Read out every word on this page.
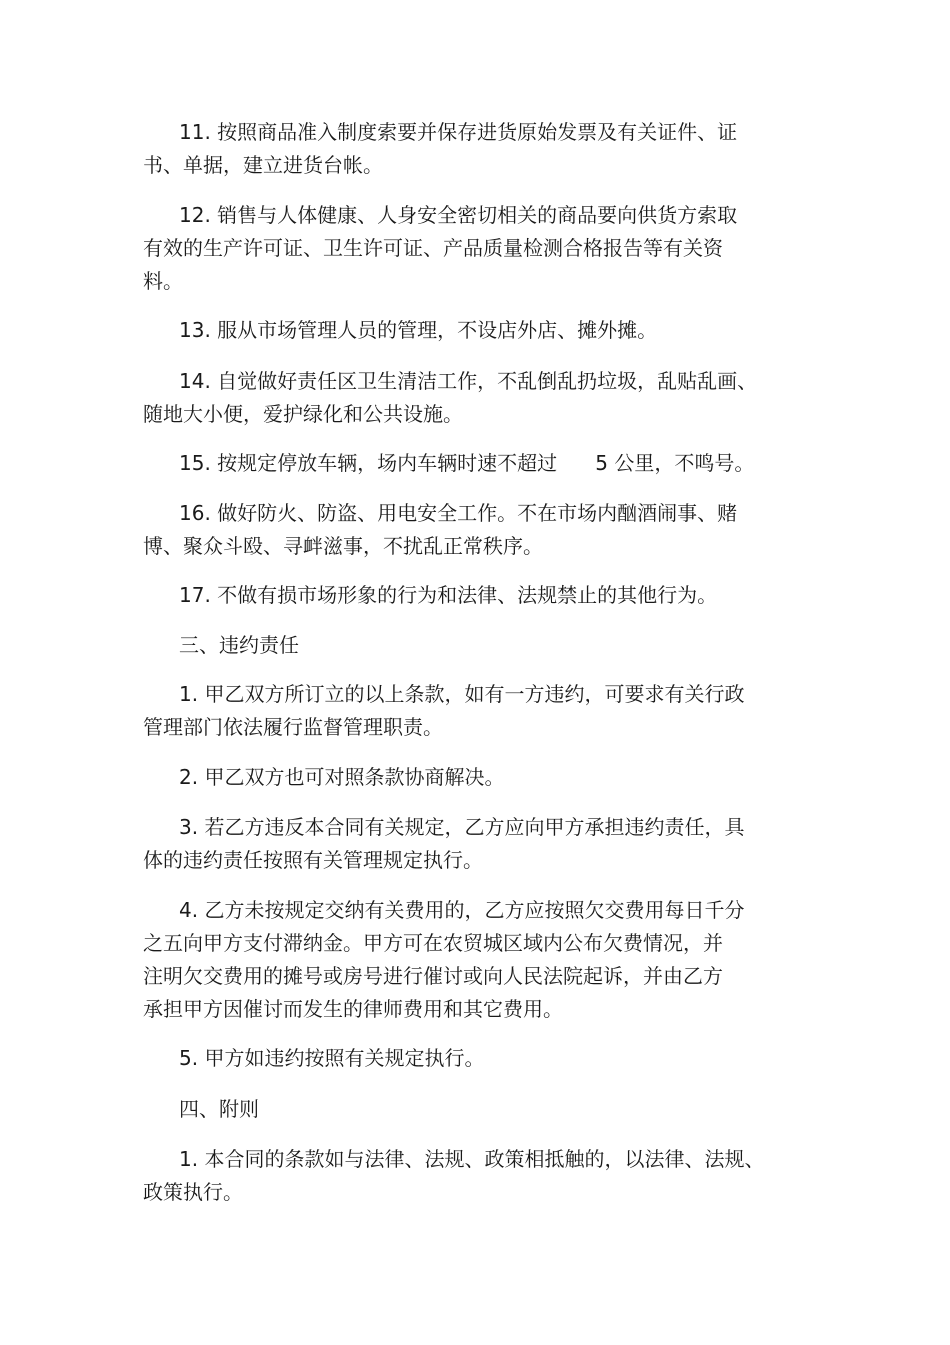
11. 按照商品准入制度索要并保存进货原始发票及有关证件、证
书、单据，建立进货台帐。

12. 销售与人体健康、人身安全密切相关的商品要向供货方索取
有效的生产许可证、卫生许可证、产品质量检测合格报告等有关资
料。

13. 服从市场管理人员的管理，不设店外店、摊外摊。

14. 自觉做好责任区卫生清洁工作，不乱倒乱扔垃圾，乱贴乱画、
随地大小便，爱护绿化和公共设施。

15. 按规定停放车辆，场内车辆时速不超过      5 公里，不鸣号。

16. 做好防火、防盗、用电安全工作。不在市场内酗酒闹事、赌
博、聚众斗殴、寻衅滋事，不扰乱正常秩序。

17. 不做有损市场形象的行为和法律、法规禁止的其他行为。

三、违约责任

1. 甲乙双方所订立的以上条款，如有一方违约，可要求有关行政
管理部门依法履行监督管理职责。

2. 甲乙双方也可对照条款协商解决。

3. 若乙方违反本合同有关规定，乙方应向甲方承担违约责任，具
体的违约责任按照有关管理规定执行。

4. 乙方未按规定交纳有关费用的，乙方应按照欠交费用每日千分
之五向甲方支付滞纳金。甲方可在农贸城区域内公布欠费情况，并
注明欠交费用的摊号或房号进行催讨或向人民法院起诉，并由乙方
承担甲方因催讨而发生的律师费用和其它费用。

5. 甲方如违约按照有关规定执行。

四、附则

1. 本合同的条款如与法律、法规、政策相抵触的，以法律、法规、
政策执行。
